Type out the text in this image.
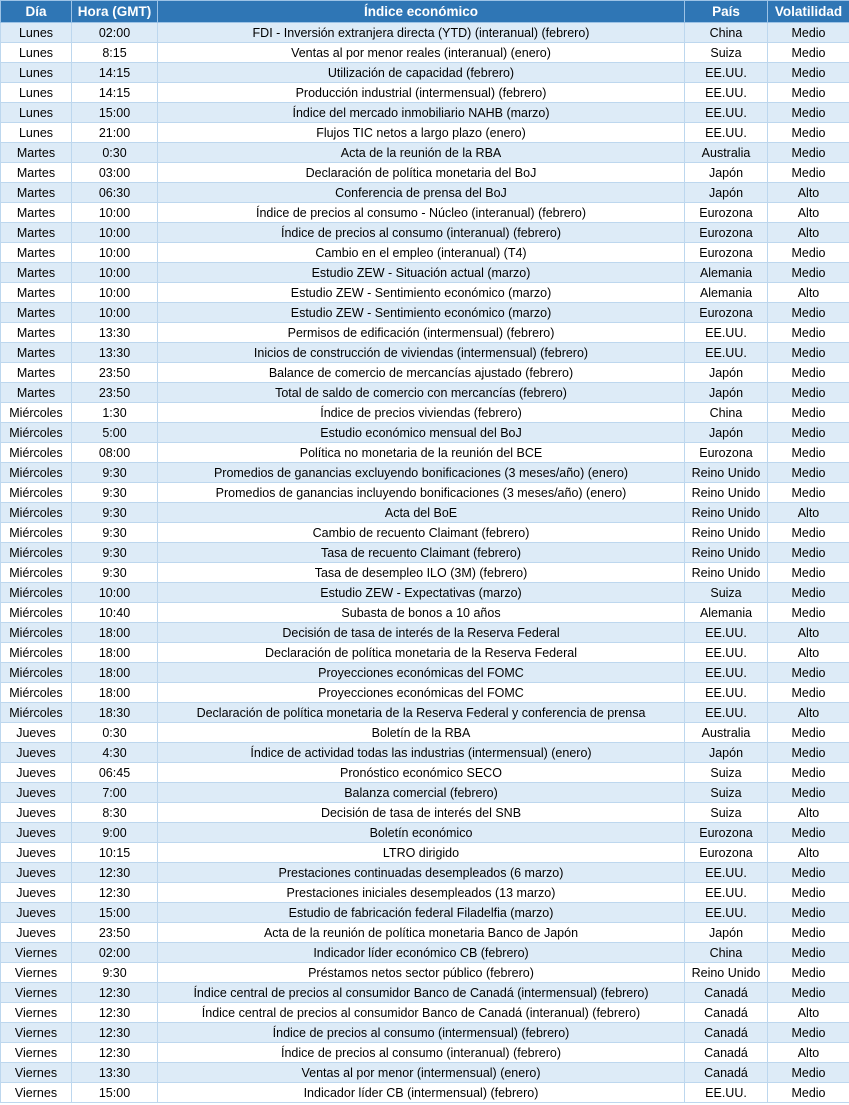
Día	Hora (GMT)	Índice económico	País	Volatilidad
Lunes	02:00	FDI - Inversión extranjera directa (YTD) (interanual) (febrero)	China	Medio
Lunes	8:15	Ventas al por menor reales (interanual) (enero)	Suiza	Medio
Lunes	14:15	Utilización de capacidad (febrero)	EE.UU.	Medio
Lunes	14:15	Producción industrial (intermensual) (febrero)	EE.UU.	Medio
Lunes	15:00	Índice del mercado inmobiliario NAHB (marzo)	EE.UU.	Medio
Lunes	21:00	Flujos TIC netos a largo plazo (enero)	EE.UU.	Medio
Martes	0:30	Acta de la reunión de la RBA	Australia	Medio
Martes	03:00	Declaración de política monetaria del BoJ	Japón	Medio
Martes	06:30	Conferencia de prensa del BoJ	Japón	Alto
Martes	10:00	Índice de precios al consumo - Núcleo (interanual) (febrero)	Eurozona	Alto
Martes	10:00	Índice de precios al consumo (interanual) (febrero)	Eurozona	Alto
Martes	10:00	Cambio en el empleo (interanual) (T4)	Eurozona	Medio
Martes	10:00	Estudio ZEW - Situación actual (marzo)	Alemania	Medio
Martes	10:00	Estudio ZEW - Sentimiento económico (marzo)	Alemania	Alto
Martes	10:00	Estudio ZEW - Sentimiento económico (marzo)	Eurozona	Medio
Martes	13:30	Permisos de edificación (intermensual) (febrero)	EE.UU.	Medio
Martes	13:30	Inicios de construcción de viviendas (intermensual) (febrero)	EE.UU.	Medio
Martes	23:50	Balance de comercio de mercancías ajustado (febrero)	Japón	Medio
Martes	23:50	Total de saldo de comercio con mercancías (febrero)	Japón	Medio
Miércoles	1:30	Índice de precios viviendas (febrero)	China	Medio
Miércoles	5:00	Estudio económico mensual del BoJ	Japón	Medio
Miércoles	08:00	Política no monetaria de la reunión del BCE	Eurozona	Medio
Miércoles	9:30	Promedios de ganancias excluyendo bonificaciones (3 meses/año) (enero)	Reino Unido	Medio
Miércoles	9:30	Promedios de ganancias incluyendo bonificaciones (3 meses/año) (enero)	Reino Unido	Medio
Miércoles	9:30	Acta del BoE	Reino Unido	Alto
Miércoles	9:30	Cambio de recuento Claimant (febrero)	Reino Unido	Medio
Miércoles	9:30	Tasa de recuento Claimant (febrero)	Reino Unido	Medio
Miércoles	9:30	Tasa de desempleo ILO (3M) (febrero)	Reino Unido	Medio
Miércoles	10:00	Estudio ZEW - Expectativas (marzo)	Suiza	Medio
Miércoles	10:40	Subasta de bonos a 10 años	Alemania	Medio
Miércoles	18:00	Decisión de tasa de interés de la Reserva Federal	EE.UU.	Alto
Miércoles	18:00	Declaración de política monetaria de la Reserva Federal	EE.UU.	Alto
Miércoles	18:00	Proyecciones económicas del FOMC	EE.UU.	Medio
Miércoles	18:00	Proyecciones económicas del FOMC	EE.UU.	Medio
Miércoles	18:30	Declaración de política monetaria de la Reserva Federal y conferencia de prensa	EE.UU.	Alto
Jueves	0:30	Boletín de la RBA	Australia	Medio
Jueves	4:30	Índice de actividad todas las industrias (intermensual) (enero)	Japón	Medio
Jueves	06:45	Pronóstico económico SECO	Suiza	Medio
Jueves	7:00	Balanza comercial (febrero)	Suiza	Medio
Jueves	8:30	Decisión de tasa de interés del SNB	Suiza	Alto
Jueves	9:00	Boletín económico	Eurozona	Medio
Jueves	10:15	LTRO dirigido	Eurozona	Alto
Jueves	12:30	Prestaciones continuadas desempleados (6 marzo)	EE.UU.	Medio
Jueves	12:30	Prestaciones iniciales desempleados (13 marzo)	EE.UU.	Medio
Jueves	15:00	Estudio de fabricación federal Filadelfia (marzo)	EE.UU.	Medio
Jueves	23:50	Acta de la reunión de política monetaria Banco de Japón	Japón	Medio
Viernes	02:00	Indicador líder económico CB (febrero)	China	Medio
Viernes	9:30	Préstamos netos sector público (febrero)	Reino Unido	Medio
Viernes	12:30	Índice central de precios al consumidor Banco de Canadá (intermensual) (febrero)	Canadá	Medio
Viernes	12:30	Índice central de precios al consumidor Banco de Canadá (interanual) (febrero)	Canadá	Alto
Viernes	12:30	Índice de precios al consumo (intermensual) (febrero)	Canadá	Medio
Viernes	12:30	Índice de precios al consumo (interanual) (febrero)	Canadá	Alto
Viernes	13:30	Ventas al por menor (intermensual) (enero)	Canadá	Medio
Viernes	15:00	Indicador líder CB (intermensual) (febrero)	EE.UU.	Medio
